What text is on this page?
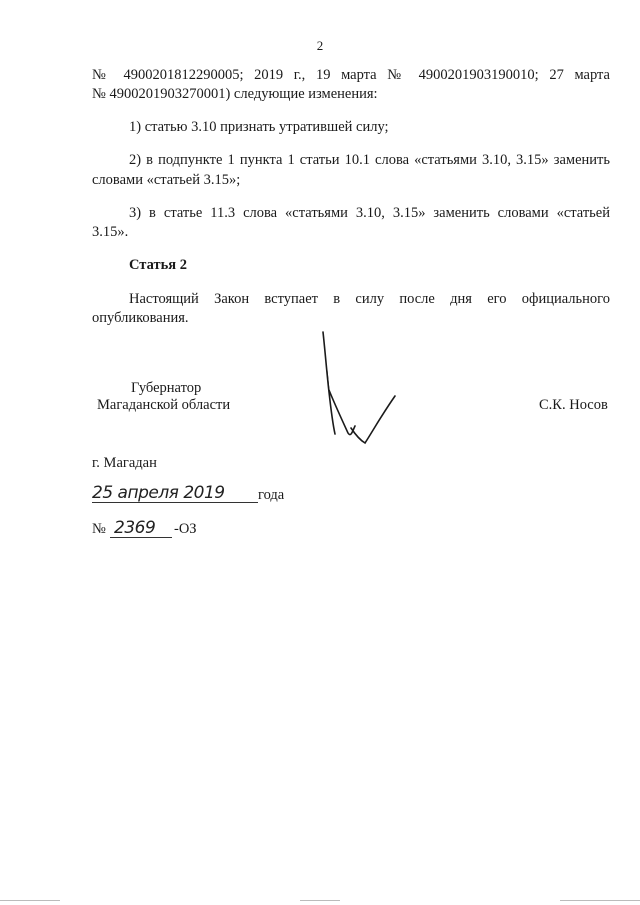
2
№ 4900201812290005; 2019 г., 19 марта № 4900201903190010; 27 марта
№ 4900201903270001) следующие изменения:
1) статью 3.10 признать утратившей силу;
2) в подпункте 1 пункта 1 статьи 10.1 слова «статьями 3.10, 3.15» заменить
словами «статьей 3.15»;
3) в статье 11.3 слова «статьями 3.10, 3.15» заменить словами «статьей
3.15».
Статья 2
Настоящий Закон вступает в силу после дня его официального
опубликования.
Губернатор
Магаданской области	С.К. Носов
г. Магадан
25 апреля 2019 года
№ 2369 -ОЗ
